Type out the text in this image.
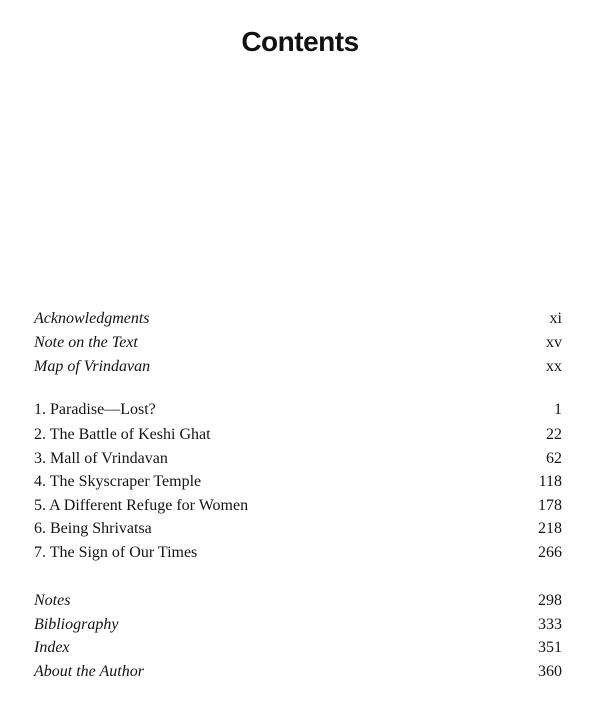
Contents
Acknowledgments	xi
Note on the Text	xv
Map of Vrindavan	xx
1. Paradise—Lost?	1
2. The Battle of Keshi Ghat	22
3. Mall of Vrindavan	62
4. The Skyscraper Temple	118
5. A Different Refuge for Women	178
6. Being Shrivatsa	218
7. The Sign of Our Times	266
Notes	298
Bibliography	333
Index	351
About the Author	360
